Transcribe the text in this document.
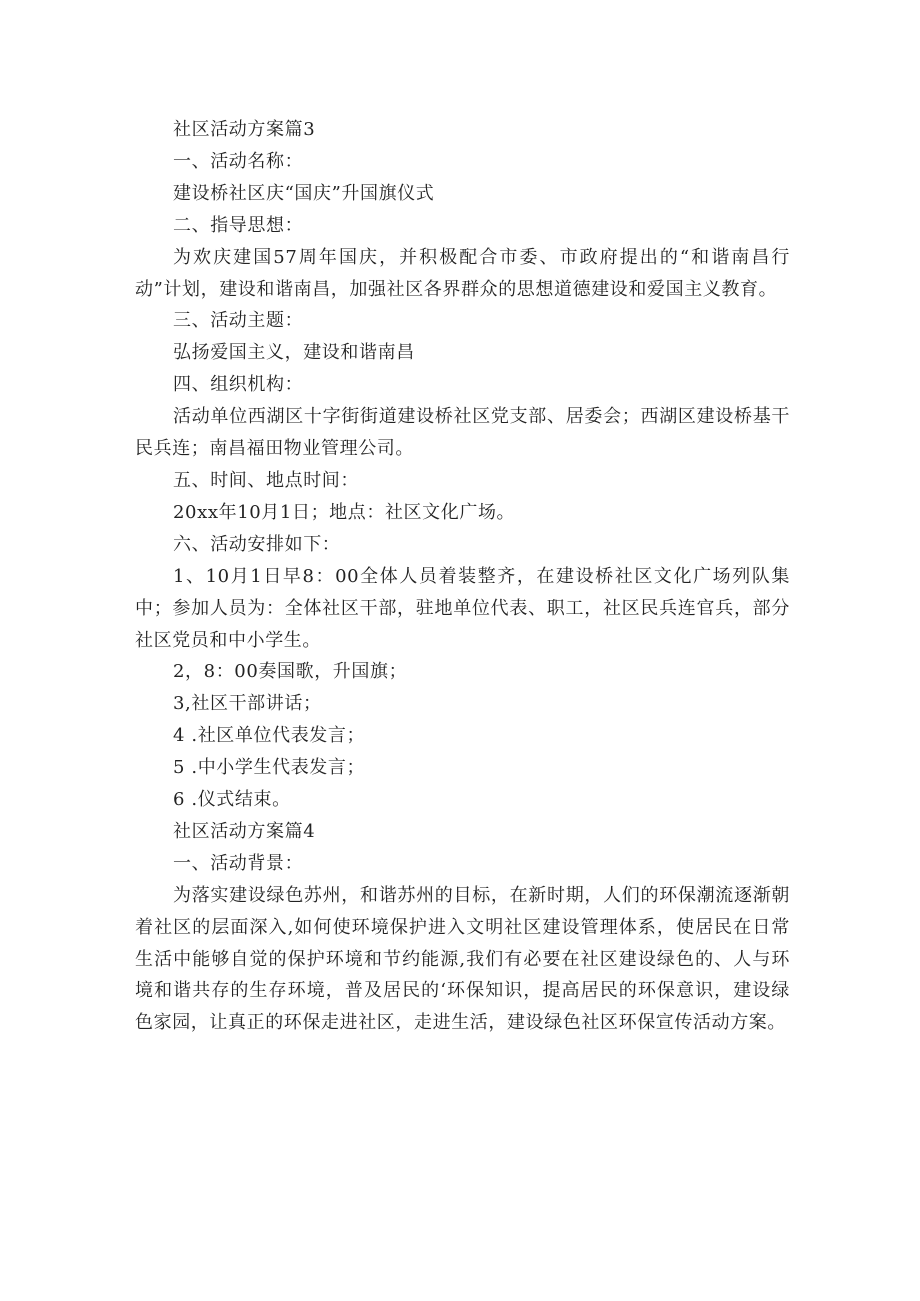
社区活动方案篇3

一、活动名称：

建设桥社区庆“国庆”升国旗仪式

二、指导思想：

为欢庆建国57周年国庆，并积极配合市委、市政府提出的“和谐南昌行动”计划，建设和谐南昌，加强社区各界群众的思想道德建设和爱国主义教育。

三、活动主题：

弘扬爱国主义，建设和谐南昌

四、组织机构：

活动单位西湖区十字街街道建设桥社区党支部、居委会；西湖区建设桥基干民兵连；南昌福田物业管理公司。

五、时间、地点时间：

20xx年10月1日；地点：社区文化广场。

六、活动安排如下：

1、10月1日早8：00全体人员着装整齐，在建设桥社区文化广场列队集中；参加人员为：全体社区干部，驻地单位代表、职工，社区民兵连官兵，部分社区党员和中小学生。

2，8：00奏国歌，升国旗；

3,社区干部讲话；

4 .社区单位代表发言；

5 .中小学生代表发言；

6 .仪式结束。

社区活动方案篇4

一、活动背景：

为落实建设绿色苏州，和谐苏州的目标，在新时期，人们的环保潮流逐渐朝着社区的层面深入,如何使环境保护进入文明社区建设管理体系，使居民在日常生活中能够自觉的保护环境和节约能源,我们有必要在社区建设绿色的、人与环境和谐共存的生存环境，普及居民的‘环保知识，提高居民的环保意识，建设绿色家园，让真正的环保走进社区，走进生活，建设绿色社区环保宣传活动方案。
